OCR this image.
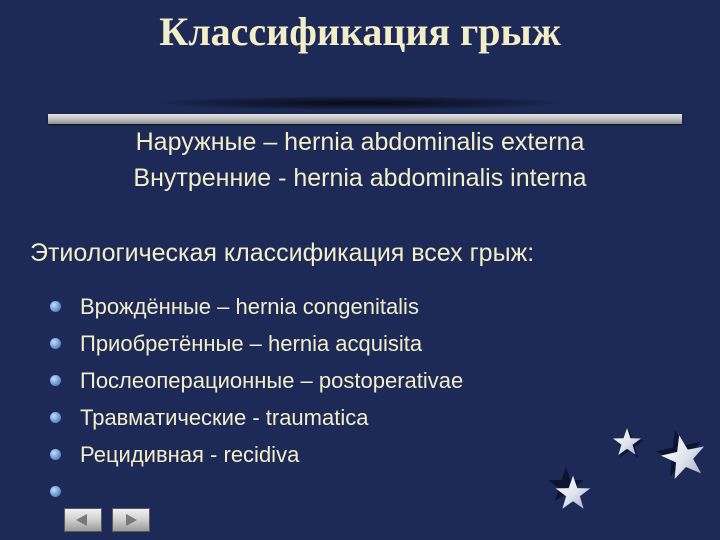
Классификация грыж
Наружные – hernia abdominalis externa
Внутренние - hernia abdominalis interna
Этиологическая классификация всех грыж:
Врождённые – hernia congenitalis
Приобретённые – hernia acquisita
Послеоперационные – postoperativae
Травматические - traumatica
Рецидивная - recidiva
